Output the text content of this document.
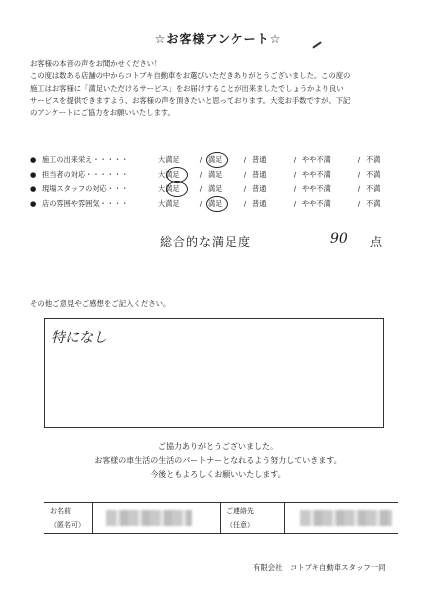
☆お客様アンケート☆
お客様の本音の声をお聞かせください！
この度は数ある店舗の中からコトブキ自動車をお選びいただきありがとうございました。この度の
施工はお客様に「満足いただけるサービス」をお届けすることが出来ましたでしょうかより良い
サービスを提供できますよう、お客様の声を頂きたいと思っております。大変お手数ですが、下記
のアンケートにご協力をお願いいたします。
● 施工の出来栄え・・・・・	大満足	/ 満足	/ 普通	/ やや不満	/ 不満
● 担当者の対応・・・・・・	大満足	/ 満足	/ 普通	/ やや不満	/ 不満
● 現場スタッフの対応・・・	大満足	/ 満足	/ 普通	/ やや不満	/ 不満
● 店の雰囲や雰囲気・・・・	大満足	/ 満足	/ 普通	/ やや不満	/ 不満
総合的な満足度	90 点
その他ご意見やご感想をご記入ください。
特になし
ご協力ありがとうございました。
お客様の車生活の生活のパートナーとなれるよう努力していきます。
今後ともよろしくお願いいたします。
お名前
（匿名可）
ご連絡先
（任意）
有限会社　コトブキ自動車スタッフ一同
